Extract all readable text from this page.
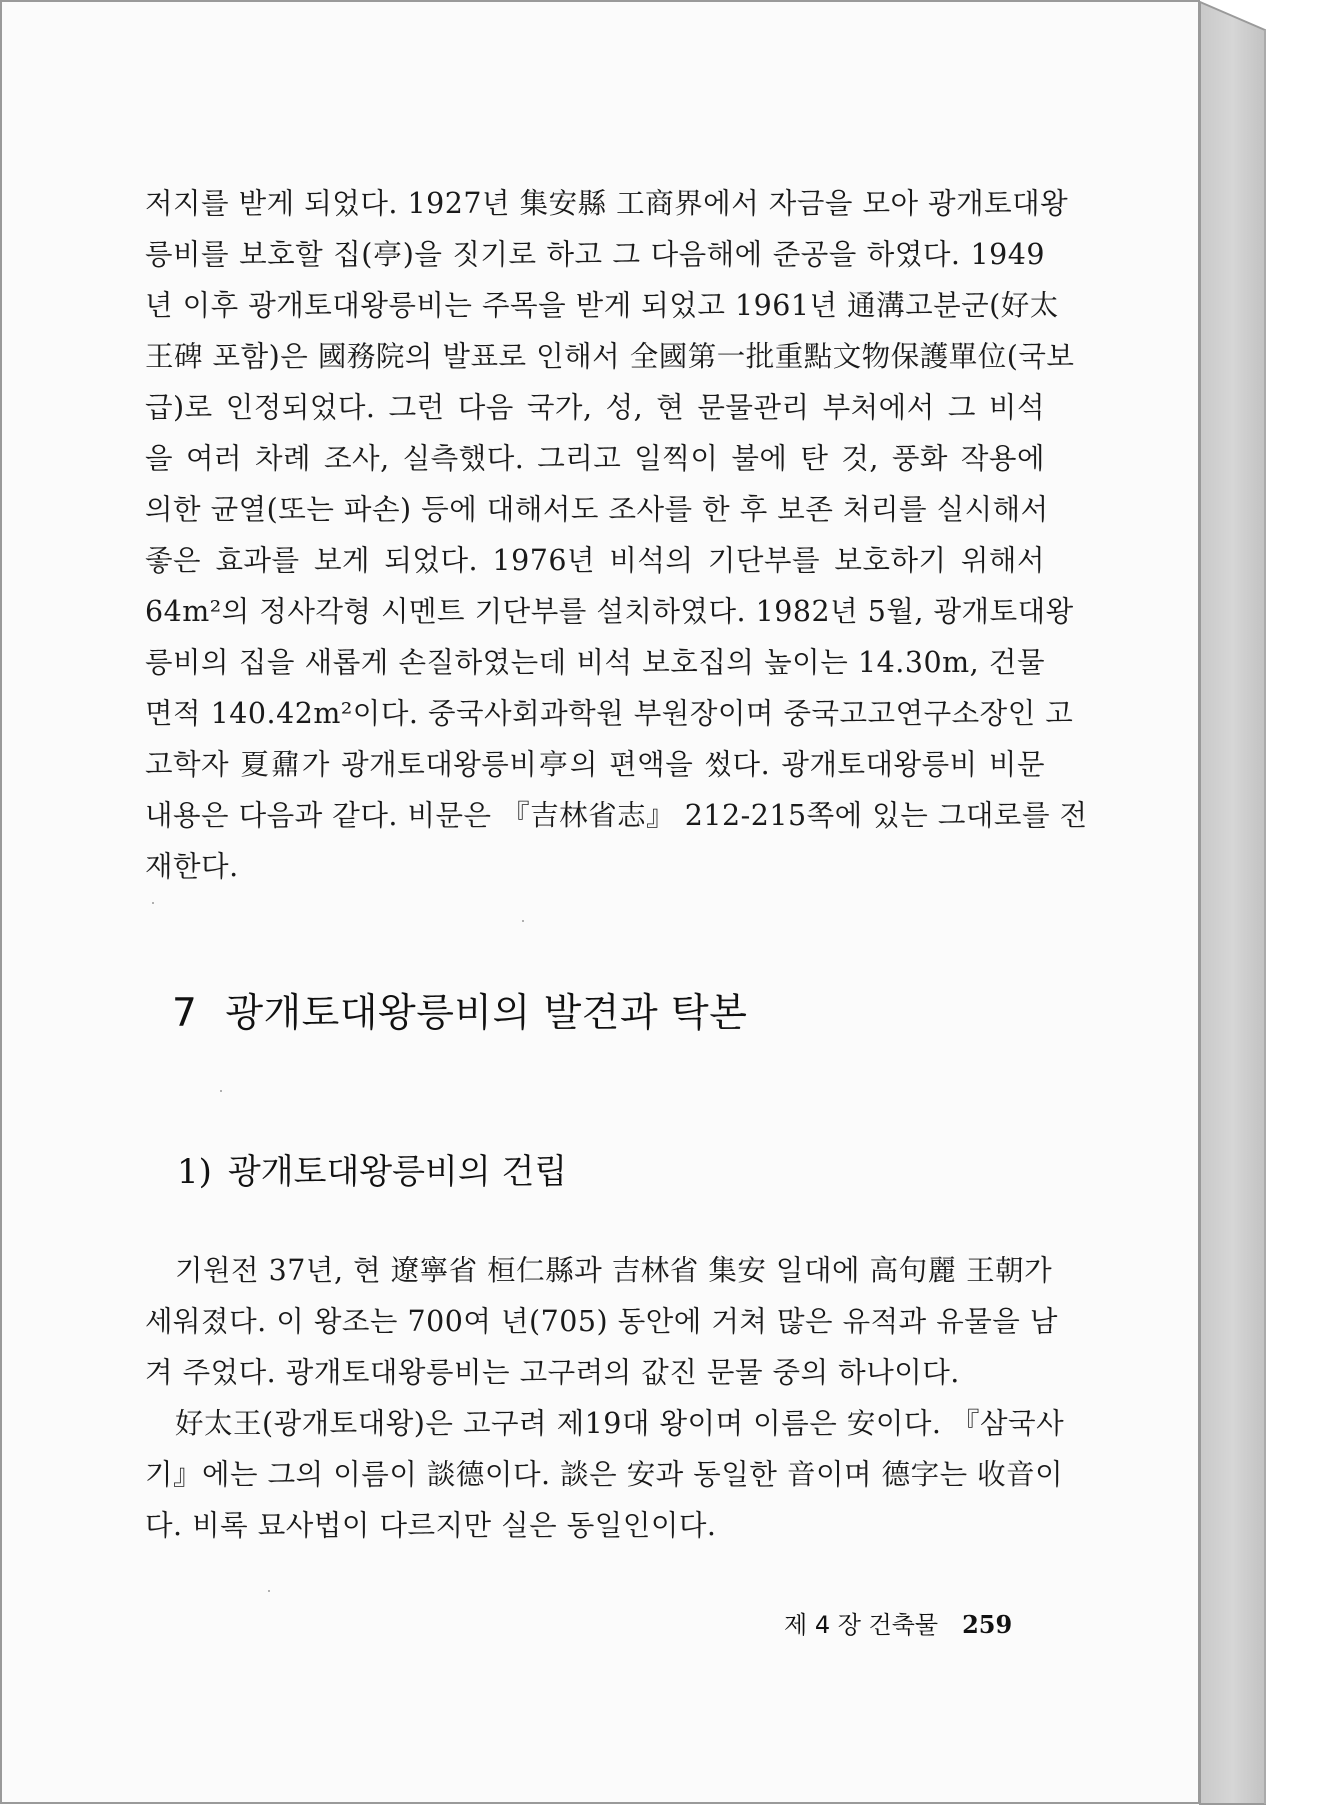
저지를 받게 되었다. 1927년 集安縣 工商界에서 자금을 모아 광개토대왕
릉비를 보호할 집(亭)을 짓기로 하고 그 다음해에 준공을 하였다. 1949
년 이후 광개토대왕릉비는 주목을 받게 되었고 1961년 通溝고분군(好太
王碑 포함)은 國務院의 발표로 인해서 全國第一批重點文物保護單位(국보
급)로 인정되었다. 그런 다음 국가, 성, 현 문물관리 부처에서 그 비석
을 여러 차례 조사, 실측했다. 그리고 일찍이 불에 탄 것, 풍화 작용에
의한 균열(또는 파손) 등에 대해서도 조사를 한 후 보존 처리를 실시해서
좋은 효과를 보게 되었다. 1976년 비석의 기단부를 보호하기 위해서
64m²의 정사각형 시멘트 기단부를 설치하였다. 1982년 5월, 광개토대왕
릉비의 집을 새롭게 손질하였는데 비석 보호집의 높이는 14.30m, 건물
면적 140.42m²이다. 중국사회과학원 부원장이며 중국고고연구소장인 고
고학자 夏鼐가 광개토대왕릉비亭의 편액을 썼다. 광개토대왕릉비 비문
내용은 다음과 같다. 비문은 『吉林省志』 212-215쪽에 있는 그대로를 전
재한다.
7 광개토대왕릉비의 발견과 탁본
1) 광개토대왕릉비의 건립
기원전 37년, 현 遼寧省 桓仁縣과 吉林省 集安 일대에 高句麗 王朝가
세워졌다. 이 왕조는 700여 년(705) 동안에 거쳐 많은 유적과 유물을 남
겨 주었다. 광개토대왕릉비는 고구려의 값진 문물 중의 하나이다.
好太王(광개토대왕)은 고구려 제19대 왕이며 이름은 安이다. 『삼국사
기』에는 그의 이름이 談德이다. 談은 安과 동일한 音이며 德字는 收音이
다. 비록 묘사법이 다르지만 실은 동일인이다.
제 4 장 건축물 259
